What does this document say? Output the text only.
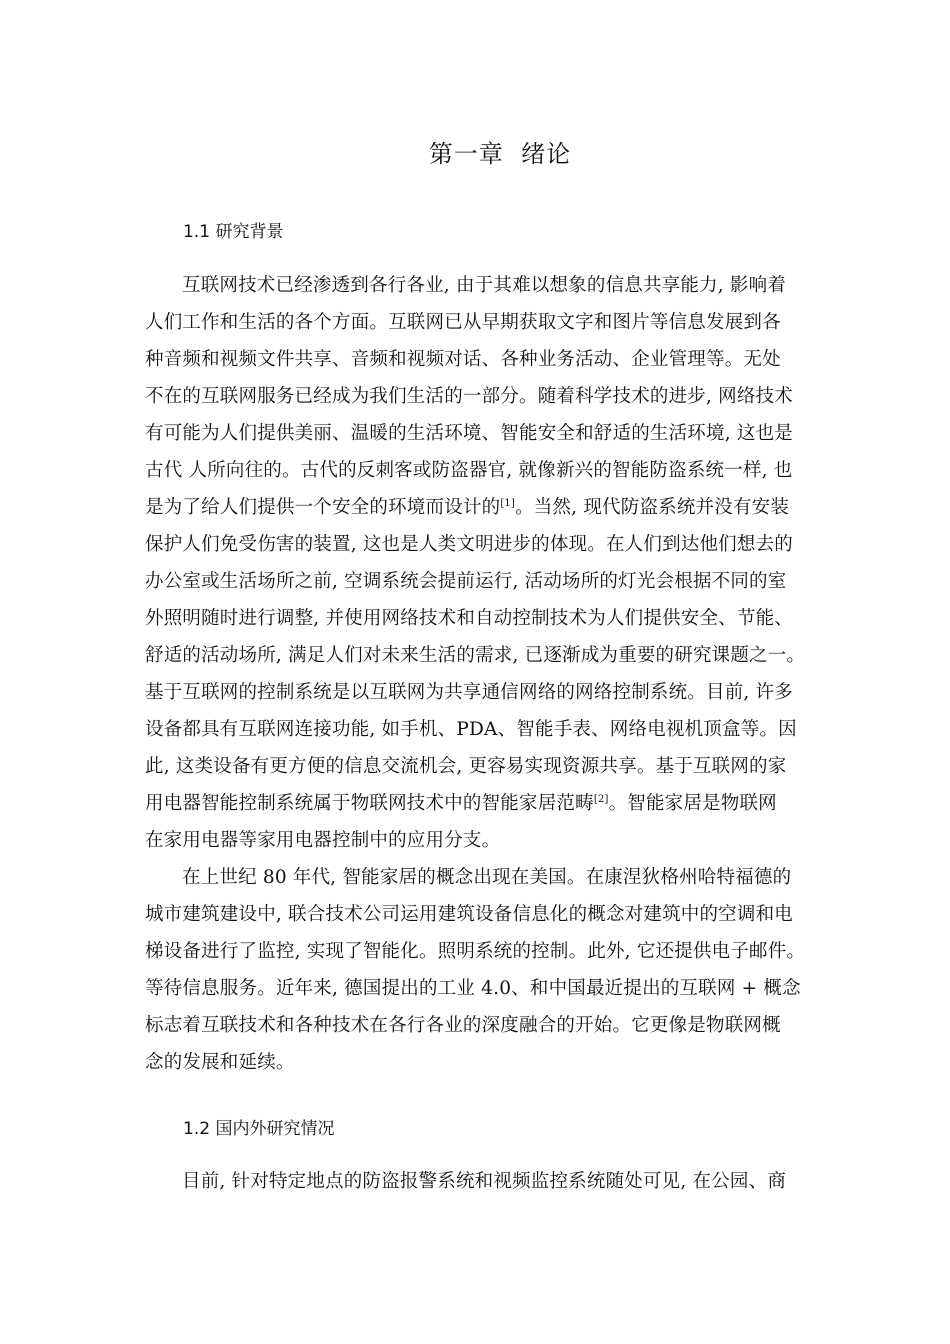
第一章  绪论
1.1 研究背景
互联网技术已经渗透到各行各业, 由于其难以想象的信息共享能力, 影响着
人们工作和生活的各个方面。互联网已从早期获取文字和图片等信息发展到各
种音频和视频文件共享、音频和视频对话、各种业务活动、企业管理等。无处
不在的互联网服务已经成为我们生活的一部分。随着科学技术的进步, 网络技术
有可能为人们提供美丽、温暖的生活环境、智能安全和舒适的生活环境, 这也是
古代 人所向往的。古代的反刺客或防盗器官, 就像新兴的智能防盗系统一样, 也
是为了给人们提供一个安全的环境而设计的[1]。当然, 现代防盗系统并没有安装
保护人们免受伤害的装置, 这也是人类文明进步的体现。在人们到达他们想去的
办公室或生活场所之前, 空调系统会提前运行, 活动场所的灯光会根据不同的室
外照明随时进行调整, 并使用网络技术和自动控制技术为人们提供安全、节能、
舒适的活动场所, 满足人们对未来生活的需求, 已逐渐成为重要的研究课题之一。
基于互联网的控制系统是以互联网为共享通信网络的网络控制系统。目前, 许多
设备都具有互联网连接功能, 如手机、PDA、智能手表、网络电视机顶盒等。因
此, 这类设备有更方便的信息交流机会, 更容易实现资源共享。基于互联网的家
用电器智能控制系统属于物联网技术中的智能家居范畴[2]。智能家居是物联网
在家用电器等家用电器控制中的应用分支。
在上世纪 80 年代, 智能家居的概念出现在美国。在康涅狄格州哈特福德的
城市建筑建设中, 联合技术公司运用建筑设备信息化的概念对建筑中的空调和电
梯设备进行了监控, 实现了智能化。照明系统的控制。此外, 它还提供电子邮件。
等待信息服务。近年来, 德国提出的工业 4.0、和中国最近提出的互联网 + 概念
标志着互联技术和各种技术在各行各业的深度融合的开始。它更像是物联网概
念的发展和延续。
1.2 国内外研究情况
目前, 针对特定地点的防盗报警系统和视频监控系统随处可见, 在公园、商
